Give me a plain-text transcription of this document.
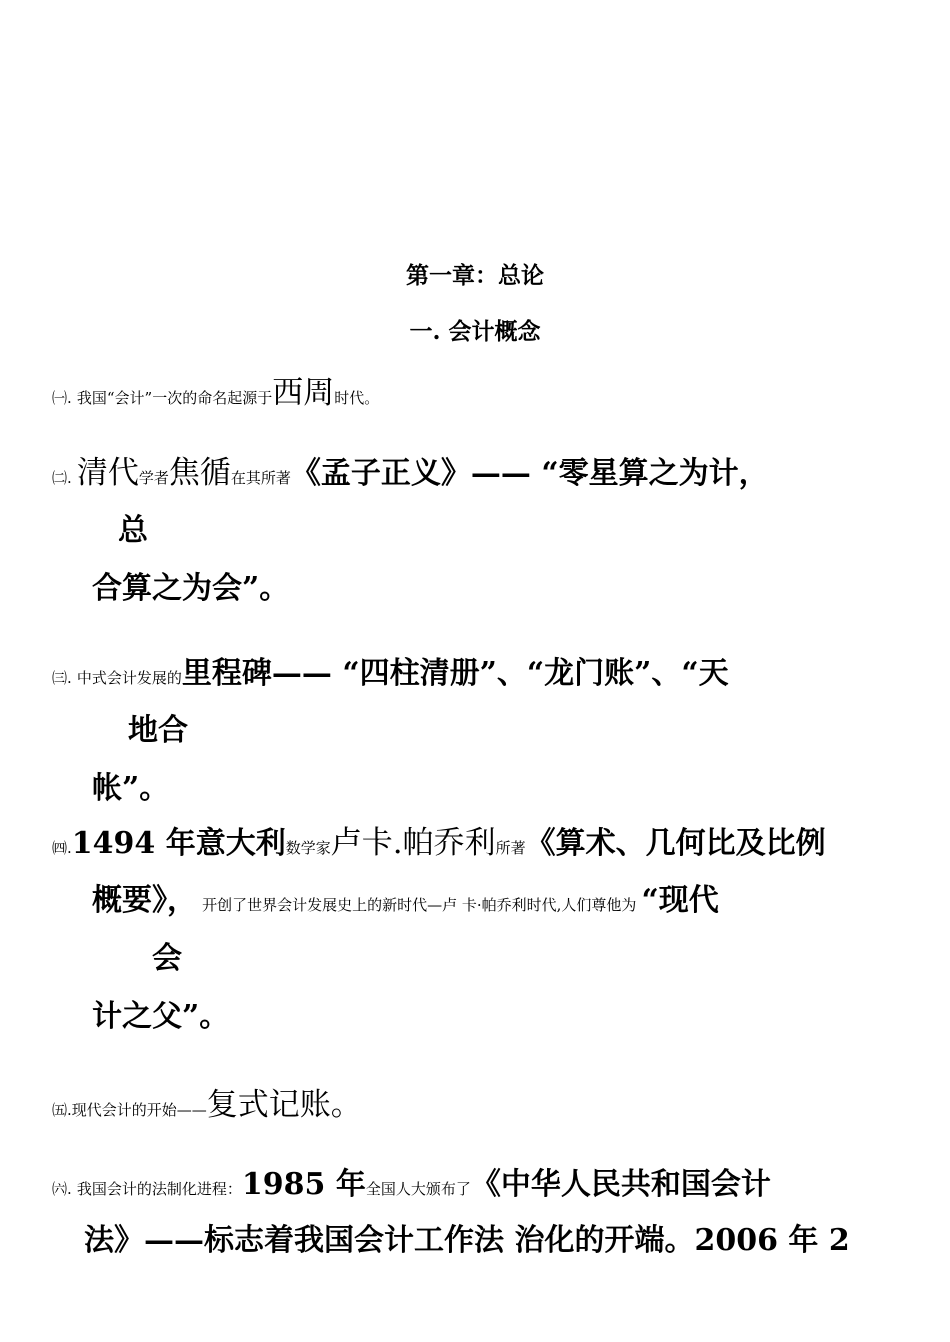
第一章：总论
一. 会计概念
㈠. 我国“会计”一次的命名起源于西周时代。
㈡. 清代学者焦循在其所著《孟子正义》—— “零星算之为计，
总
合算之为会”。
㈢. 中式会计发展的里程碑—— “四柱清册”、“龙门账”、“天
地合
帐”。
㈣.1494 年意大利数学家卢卡.帕乔利所著《算术、几何比及比例
概要》， 开创了世界会计发展史上的新时代—卢 卡·帕乔利时代,人们尊他为 “现代
会
计之父”。
㈤.现代会计的开始——复式记账。
㈥. 我国会计的法制化进程：1985 年全国人大颁布了《中华人民共和国会计
法》——标志着我国会计工作法 治化的开端。2006 年 2
